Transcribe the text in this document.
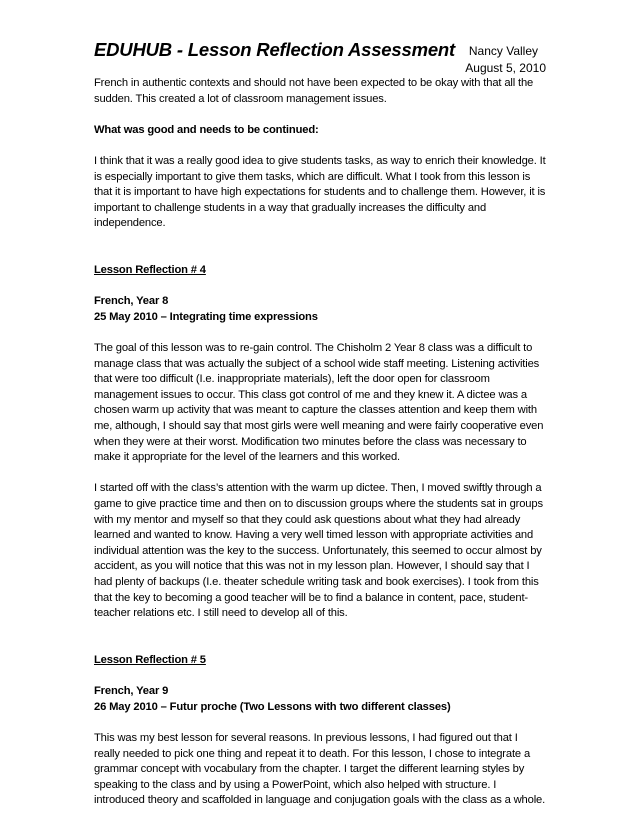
EDUHUB - Lesson Reflection Assessment Nancy Valley
August 5, 2010

French in authentic contexts and should not have been expected to be okay with that all the sudden. This created a lot of classroom management issues.

What was good and needs to be continued:

I think that it was a really good idea to give students tasks, as way to enrich their knowledge. It is especially important to give them tasks, which are difficult. What I took from this lesson is that it is important to have high expectations for students and to challenge them. However, it is important to challenge students in a way that gradually increases the difficulty and independence.

Lesson Reflection # 4

French, Year 8

25 May 2010 – Integrating time expressions

The goal of this lesson was to re-gain control. The Chisholm 2 Year 8 class was a difficult to manage class that was actually the subject of a school wide staff meeting. Listening activities that were too difficult (I.e. inappropriate materials), left the door open for classroom management issues to occur. This class got control of me and they knew it. A dictee was a chosen warm up activity that was meant to capture the classes attention and keep them with me, although, I should say that most girls were well meaning and were fairly cooperative even when they were at their worst. Modification two minutes before the class was necessary to make it appropriate for the level of the learners and this worked.

I started off with the class’s attention with the warm up dictee. Then, I moved swiftly through a game to give practice time and then on to discussion groups where the students sat in groups with my mentor and myself so that they could ask questions about what they had already learned and wanted to know. Having a very well timed lesson with appropriate activities and individual attention was the key to the success. Unfortunately, this seemed to occur almost by accident, as you will notice that this was not in my lesson plan. However, I should say that I had plenty of backups (I.e. theater schedule writing task and book exercises). I took from this that the key to becoming a good teacher will be to find a balance in content, pace, student-teacher relations etc. I still need to develop all of this.

Lesson Reflection # 5

French, Year 9

26 May 2010 – Futur proche (Two Lessons with two different classes)

This was my best lesson for several reasons. In previous lessons, I had figured out that I really needed to pick one thing and repeat it to death. For this lesson, I chose to integrate a grammar concept with vocabulary from the chapter. I target the different learning styles by speaking to the class and by using a PowerPoint, which also helped with structure. I introduced theory and scaffolded in language and conjugation goals with the class as a whole.
